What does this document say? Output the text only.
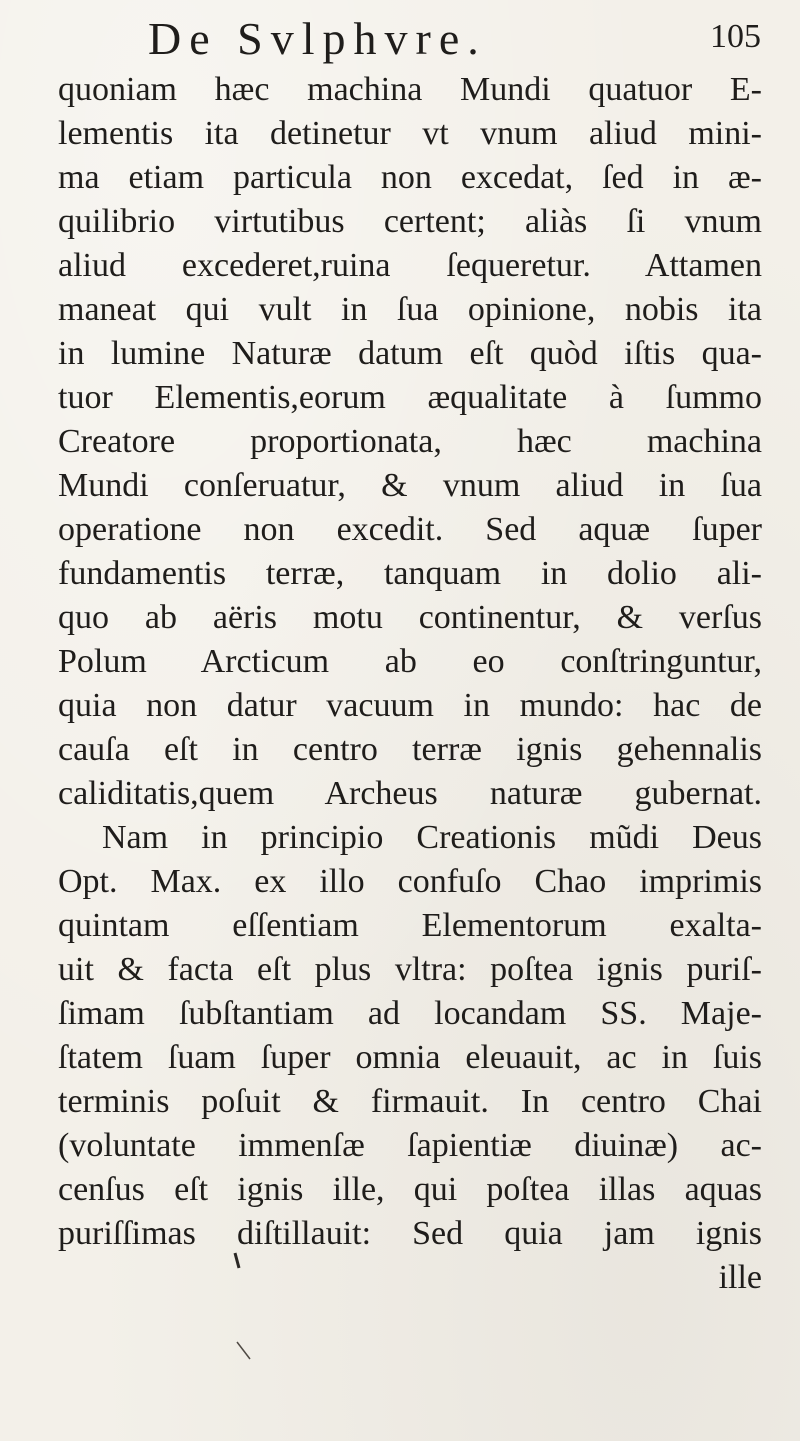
De Svlphvre.	105
quoniam hæc machina Mundi quatuor E-
lementis ita detinetur vt vnum aliud mini-
ma etiam particula non excedat, ſed in æ-
quilibrio virtutibus certent; aliàs ſi vnum
aliud excederet,ruina ſequeretur. Attamen
maneat qui vult in ſua opinione, nobis ita
in lumine Naturæ datum eſt quòd iſtis qua-
tuor Elementis,eorum æqualitate à ſummo
Creatore proportionata, hæc machina
Mundi conſeruatur, & vnum aliud in ſua
operatione non excedit. Sed aquæ ſuper
fundamentis terræ, tanquam in dolio ali-
quo ab aëris motu continentur, & verſus
Polum Arcticum ab eo conſtringuntur,
quia non datur vacuum in mundo: hac de
cauſa eſt in centro terræ ignis gehennalis
caliditatis,quem Archeus naturæ gubernat.
Nam in principio Creationis mũdi Deus
Opt. Max. ex illo confuſo Chao imprimis
quintam eſſentiam Elementorum exalta-
uit & facta eſt plus vltra: poſtea ignis puriſ-
ſimam ſubſtantiam ad locandam SS. Maje-
ſtatem ſuam ſuper omnia eleuauit, ac in ſuis
terminis poſuit & firmauit. In centro Chai
(voluntate immenſæ ſapientiæ diuinæ) ac-
cenſus eſt ignis ille, qui poſtea illas aquas
puriſſimas diſtillauit: Sed quia jam ignis
ille
